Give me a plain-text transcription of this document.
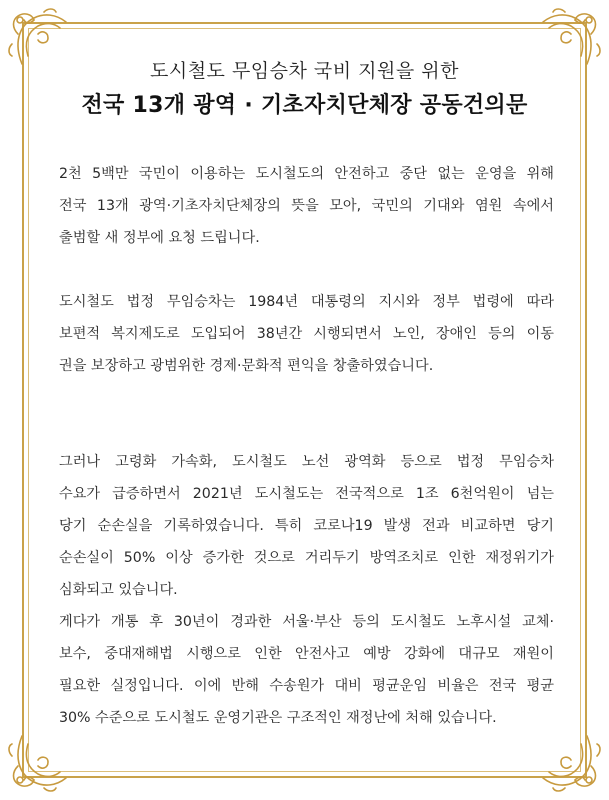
도시철도 무임승차 국비 지원을 위한
전국 13개 광역 · 기초자치단체장 공동건의문
2천 5백만 국민이 이용하는 도시철도의 안전하고 중단 없는 운영을 위해
전국 13개 광역·기초자치단체장의 뜻을 모아, 국민의 기대와 염원 속에서
출범할 새 정부에 요청 드립니다.
도시철도 법정 무임승차는 1984년 대통령의 지시와 정부 법령에 따라
보편적 복지제도로 도입되어 38년간 시행되면서 노인, 장애인 등의 이동
권을 보장하고 광범위한 경제·문화적 편익을 창출하였습니다.
그러나 고령화 가속화, 도시철도 노선 광역화 등으로 법정 무임승차
수요가 급증하면서 2021년 도시철도는 전국적으로 1조 6천억원이 넘는
당기 순손실을 기록하였습니다. 특히 코로나19 발생 전과 비교하면 당기
순손실이 50% 이상 증가한 것으로 거리두기 방역조치로 인한 재정위기가
심화되고 있습니다.
게다가 개통 후 30년이 경과한 서울·부산 등의 도시철도 노후시설 교체·
보수, 중대재해법 시행으로 인한 안전사고 예방 강화에 대규모 재원이
필요한 실정입니다. 이에 반해 수송원가 대비 평균운임 비율은 전국 평균
30% 수준으로 도시철도 운영기관은 구조적인 재정난에 처해 있습니다.
